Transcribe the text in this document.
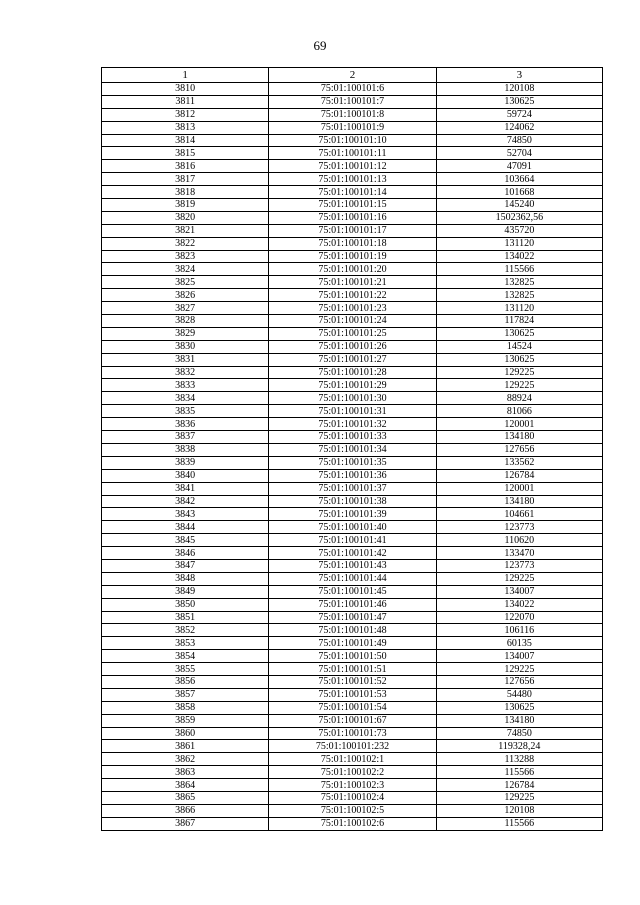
69
1	2	3
3810	75:01:100101:6	120108
3811	75:01:100101:7	130625
3812	75:01:100101:8	59724
3813	75:01:100101:9	124062
3814	75:01:100101:10	74850
3815	75:01:100101:11	52704
3816	75:01:100101:12	47091
3817	75:01:100101:13	103664
3818	75:01:100101:14	101668
3819	75:01:100101:15	145240
3820	75:01:100101:16	1502362,56
3821	75:01:100101:17	435720
3822	75:01:100101:18	131120
3823	75:01:100101:19	134022
3824	75:01:100101:20	115566
3825	75:01:100101:21	132825
3826	75:01:100101:22	132825
3827	75:01:100101:23	131120
3828	75:01:100101:24	117824
3829	75:01:100101:25	130625
3830	75:01:100101:26	14524
3831	75:01:100101:27	130625
3832	75:01:100101:28	129225
3833	75:01:100101:29	129225
3834	75:01:100101:30	88924
3835	75:01:100101:31	81066
3836	75:01:100101:32	120001
3837	75:01:100101:33	134180
3838	75:01:100101:34	127656
3839	75:01:100101:35	133562
3840	75:01:100101:36	126784
3841	75:01:100101:37	120001
3842	75:01:100101:38	134180
3843	75:01:100101:39	104661
3844	75:01:100101:40	123773
3845	75:01:100101:41	110620
3846	75:01:100101:42	133470
3847	75:01:100101:43	123773
3848	75:01:100101:44	129225
3849	75:01:100101:45	134007
3850	75:01:100101:46	134022
3851	75:01:100101:47	122070
3852	75:01:100101:48	106116
3853	75:01:100101:49	60135
3854	75:01:100101:50	134007
3855	75:01:100101:51	129225
3856	75:01:100101:52	127656
3857	75:01:100101:53	54480
3858	75:01:100101:54	130625
3859	75:01:100101:67	134180
3860	75:01:100101:73	74850
3861	75:01:100101:232	119328,24
3862	75:01:100102:1	113288
3863	75:01:100102:2	115566
3864	75:01:100102:3	126784
3865	75:01:100102:4	129225
3866	75:01:100102:5	120108
3867	75:01:100102:6	115566
